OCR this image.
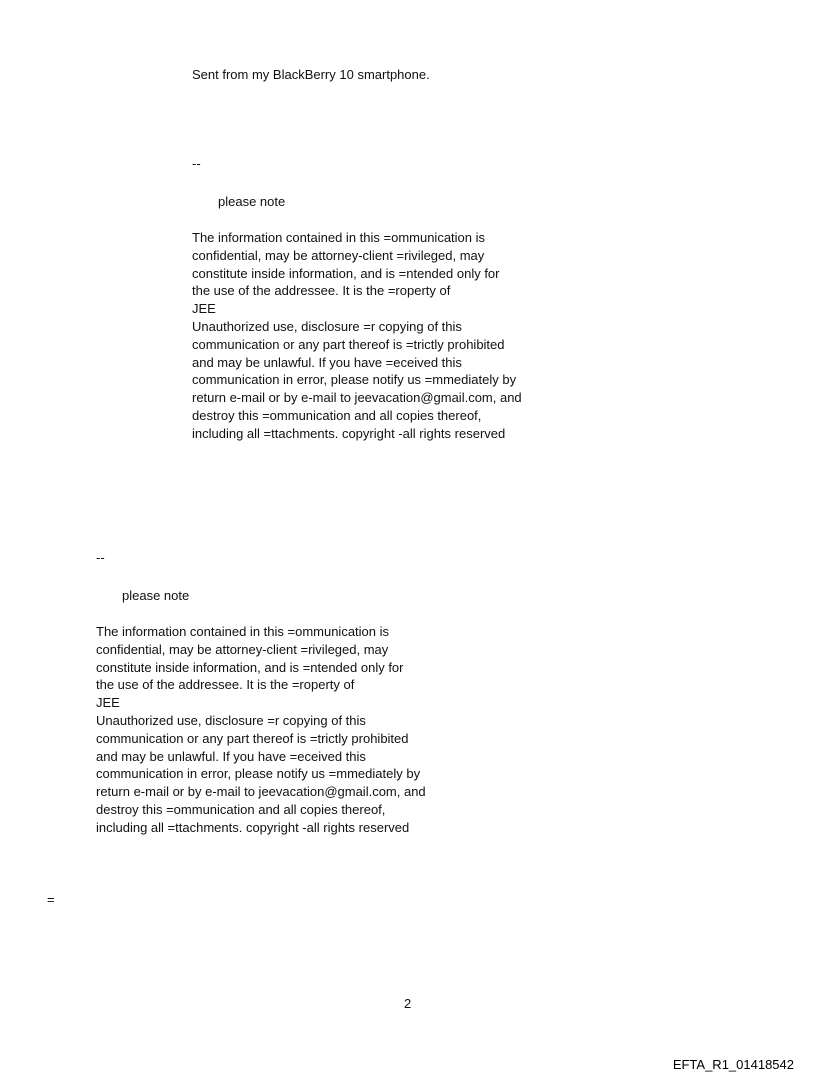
Sent from my BlackBerry 10 smartphone.

--

please note

The information contained in this =ommunication is
confidential, may be attorney-client =rivileged, may
constitute inside information, and is =ntended only for
the use of the addressee. It is the =roperty of
JEE
Unauthorized use, disclosure =r copying of this
communication or any part thereof is =trictly prohibited
and may be unlawful. If you have =eceived this
communication in error, please notify us =mmediately by
return e-mail or by e-mail to jeevacation@gmail.com, and
destroy this =ommunication and all copies thereof,
including all =ttachments. copyright -all rights reserved

--

please note

The information contained in this =ommunication is
confidential, may be attorney-client =rivileged, may
constitute inside information, and is =ntended only for
the use of the addressee. It is the =roperty of
JEE
Unauthorized use, disclosure =r copying of this
communication or any part thereof is =trictly prohibited
and may be unlawful. If you have =eceived this
communication in error, please notify us =mmediately by
return e-mail or by e-mail to jeevacation@gmail.com, and
destroy this =ommunication and all copies thereof,
including all =ttachments. copyright -all rights reserved

=

2

EFTA_R1_01418542
